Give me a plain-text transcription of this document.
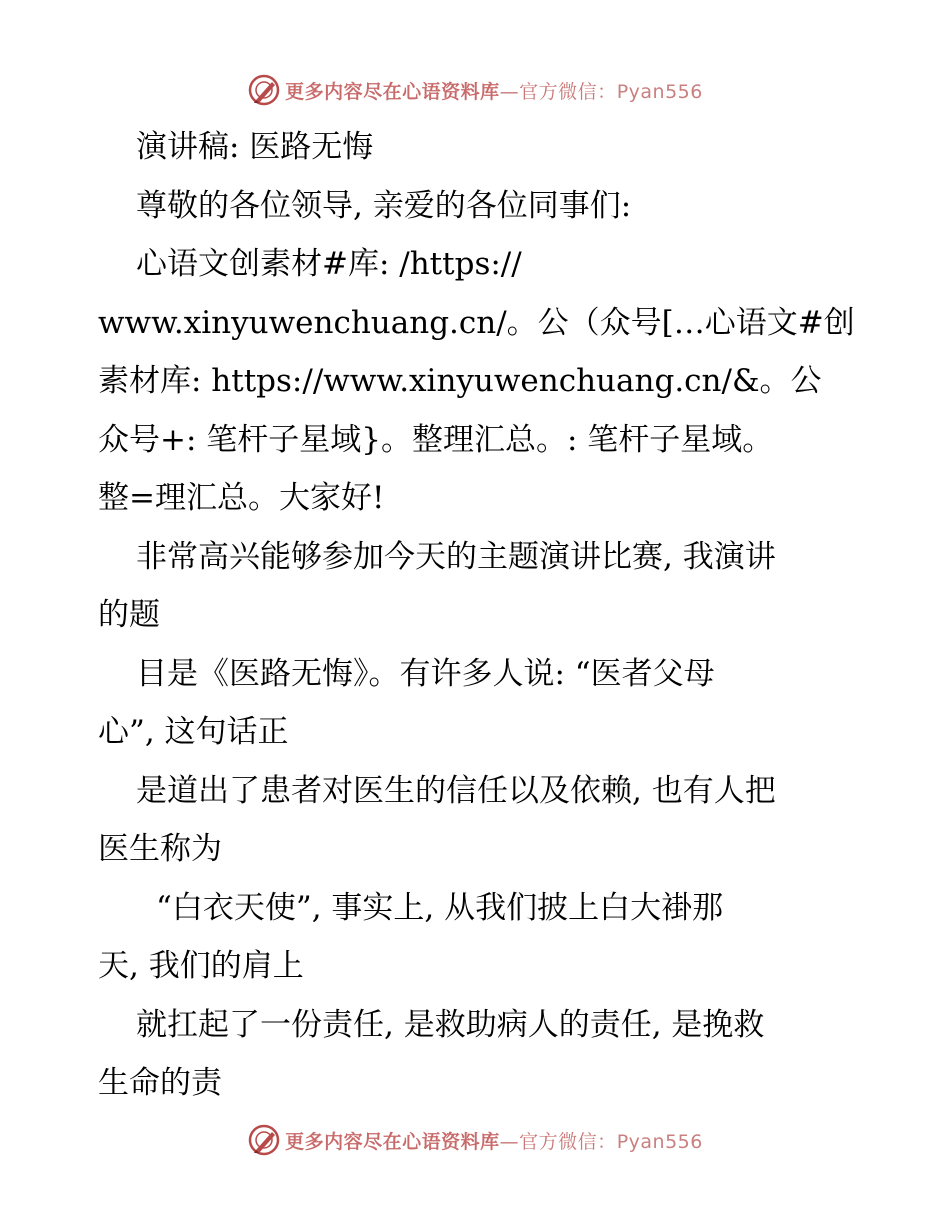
更多内容尽在心语资料库—官方微信：Pyan556
演讲稿: 医路无悔
尊敬的各位领导, 亲爱的各位同事们:
心语文创素材#库: /https://
www.xinyuwenchuang.cn/。公（众号[…心语文#创
素材库: https://www.xinyuwenchuang.cn/&。公
众号+: 笔杆子星域}。整理汇总。: 笔杆子星域。
整=理汇总。大家好!
非常高兴能够参加今天的主题演讲比赛, 我演讲
的题
目是《医路无悔》。有许多人说: “医者父母
心”, 这句话正
是道出了患者对医生的信任以及依赖, 也有人把
医生称为
“白衣天使”, 事实上, 从我们披上白大褂那
天, 我们的肩上
就扛起了一份责任, 是救助病人的责任, 是挽救
生命的责
更多内容尽在心语资料库—官方微信：Pyan556
